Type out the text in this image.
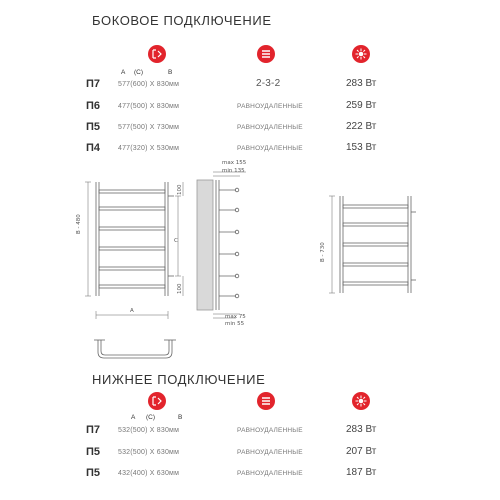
БОКОВОЕ ПОДКЛЮЧЕНИЕ
A (C)	B
П7	577(600) X 830мм	2-3-2	283 Вт
П6	477(500) X 830мм	РАВНОУДАЛЕННЫЕ	259 Вт
П5	577(500) X 730мм	РАВНОУДАЛЕННЫЕ	222 Вт
П4	477(320) X 530мм	РАВНОУДАЛЕННЫЕ	153 Вт
B - 480
A
C
100
100
max 155
min 135
max 75
min 55
B - 730
НИЖНЕЕ ПОДКЛЮЧЕНИЕ
A (C)	B
П7	532(500) X 830мм	РАВНОУДАЛЕННЫЕ	283 Вт
П5	532(500) X 630мм	РАВНОУДАЛЕННЫЕ	207 Вт
П5	432(400) X 630мм	РАВНОУДАЛЕННЫЕ	187 Вт
